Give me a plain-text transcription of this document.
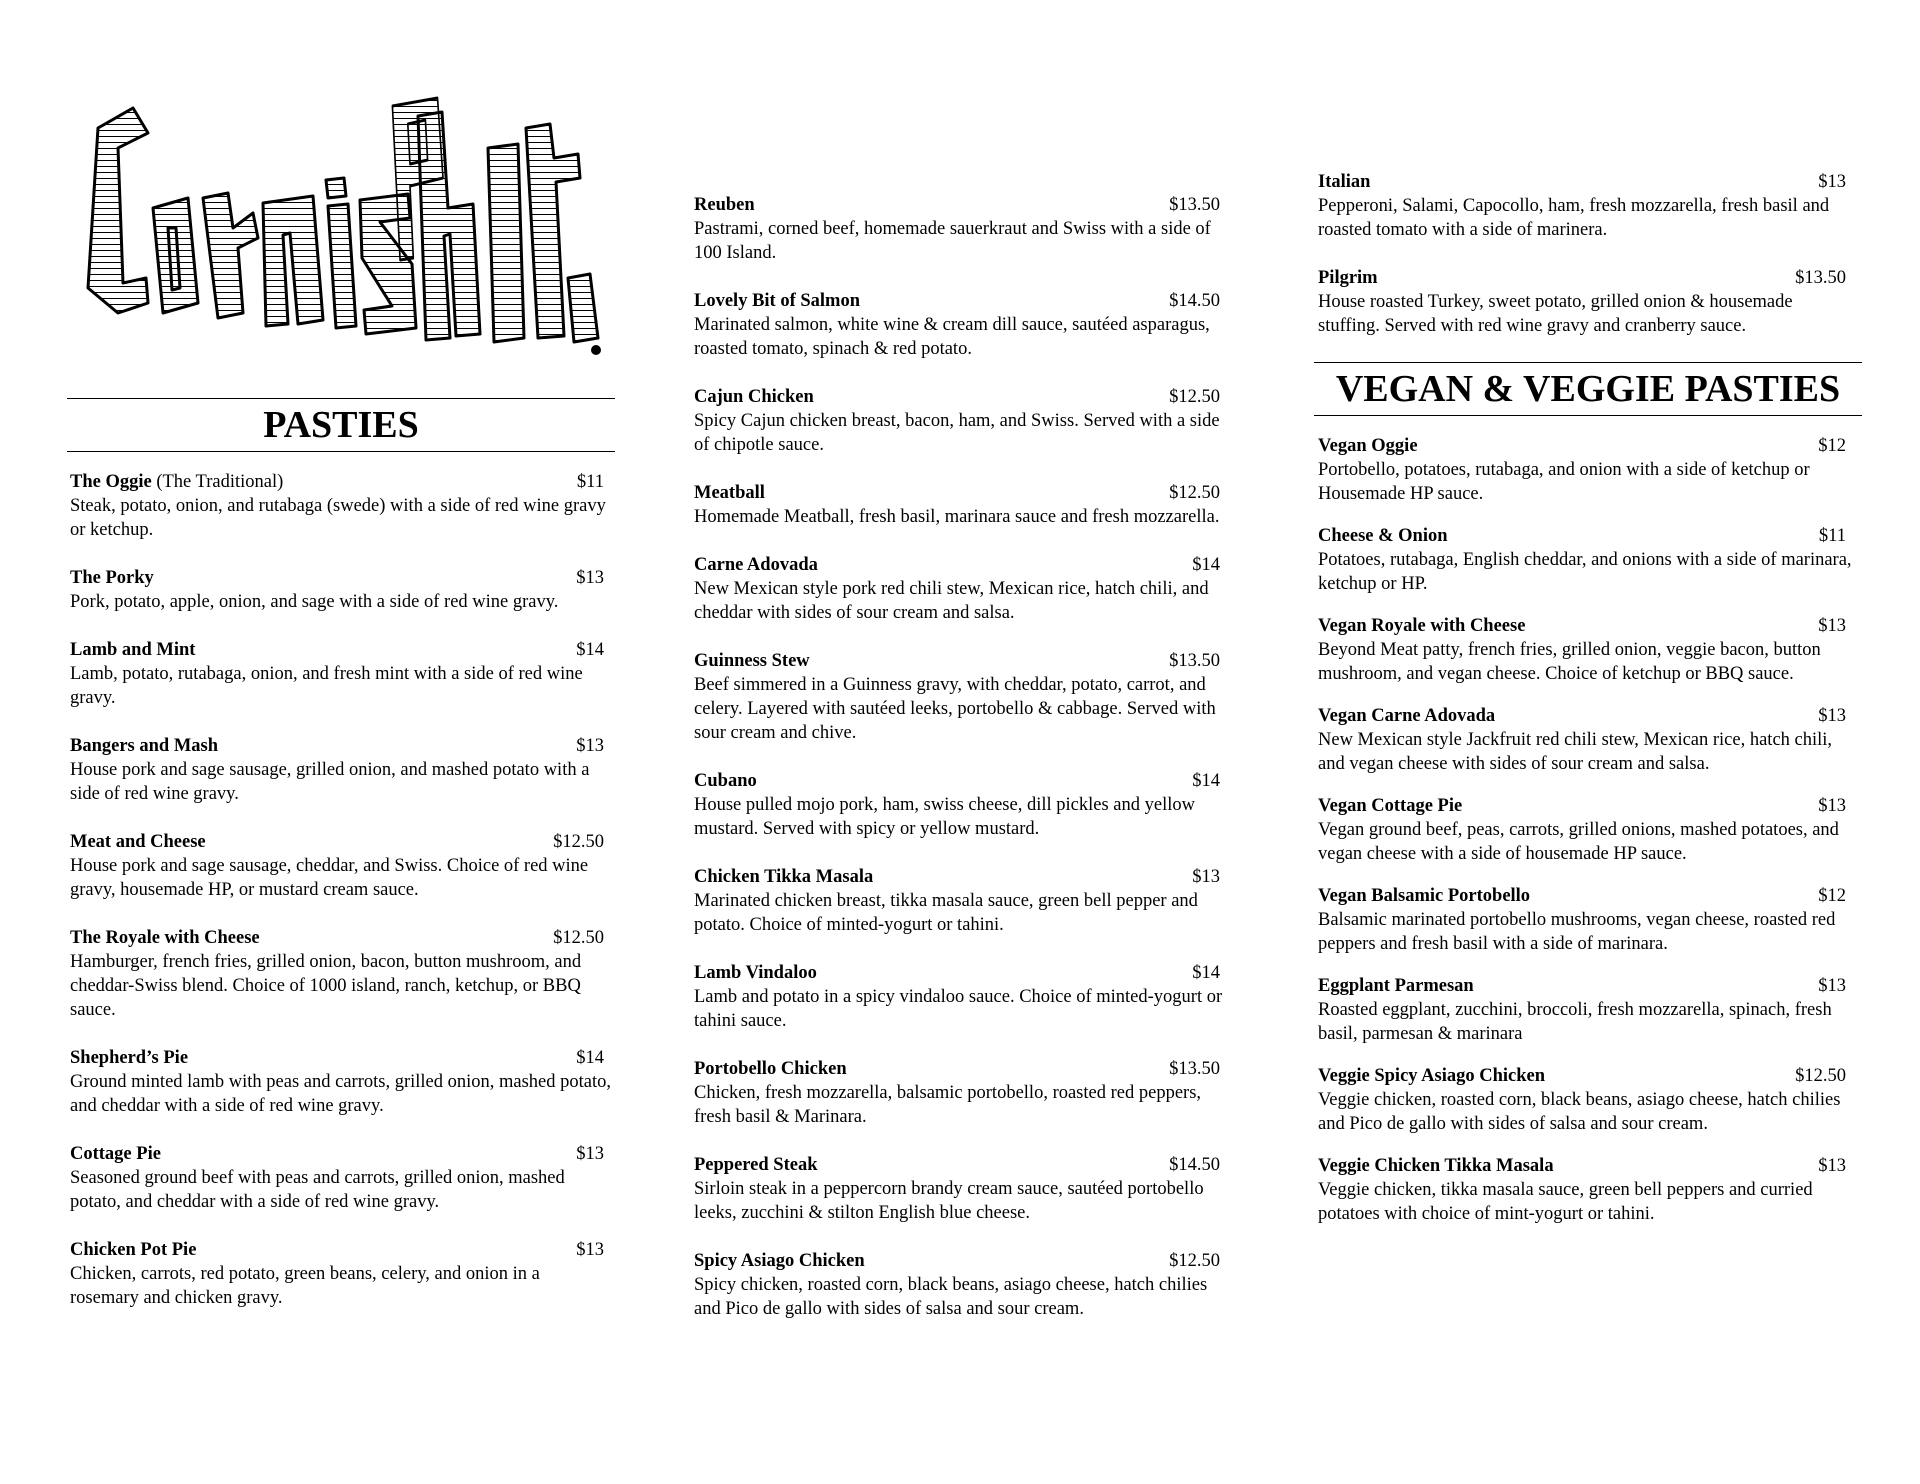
PASTIES
The Oggie (The Traditional)	$11
Steak, potato, onion, and rutabaga (swede) with a side of red wine gravy or ketchup.
The Porky	$13
Pork, potato, apple, onion, and sage with a side of red wine gravy.
Lamb and Mint	$14
Lamb, potato, rutabaga, onion, and fresh mint with a side of red wine gravy.
Bangers and Mash	$13
House pork and sage sausage, grilled onion, and mashed potato with a side of red wine gravy.
Meat and Cheese	$12.50
House pork and sage sausage, cheddar, and Swiss. Choice of red wine gravy, housemade HP, or mustard cream sauce.
The Royale with Cheese	$12.50
Hamburger, french fries, grilled onion, bacon, button mushroom, and cheddar-Swiss blend. Choice of 1000 island, ranch, ketchup, or BBQ sauce.
Shepherd’s Pie	$14
Ground minted lamb with peas and carrots, grilled onion, mashed potato, and cheddar with a side of red wine gravy.
Cottage Pie	$13
Seasoned ground beef with peas and carrots, grilled onion, mashed potato, and cheddar with a side of red wine gravy.
Chicken Pot Pie	$13
Chicken, carrots, red potato, green beans, celery, and onion in a rosemary and chicken gravy.
Reuben	$13.50
Pastrami, corned beef, homemade sauerkraut and Swiss with a side of 100 Island.
Lovely Bit of Salmon	$14.50
Marinated salmon, white wine & cream dill sauce, sautéed asparagus, roasted tomato, spinach & red potato.
Cajun Chicken	$12.50
Spicy Cajun chicken breast, bacon, ham, and Swiss. Served with a side of chipotle sauce.
Meatball	$12.50
Homemade Meatball, fresh basil, marinara sauce and fresh mozzarella.
Carne Adovada	$14
New Mexican style pork red chili stew, Mexican rice, hatch chili, and cheddar with sides of sour cream and salsa.
Guinness Stew	$13.50
Beef simmered in a Guinness gravy, with cheddar, potato, carrot, and celery. Layered with sautéed leeks, portobello & cabbage. Served with sour cream and chive.
Cubano	$14
House pulled mojo pork, ham, swiss cheese, dill pickles and yellow mustard. Served with spicy or yellow mustard.
Chicken Tikka Masala	$13
Marinated chicken breast, tikka masala sauce, green bell pepper and potato. Choice of minted-yogurt or tahini.
Lamb Vindaloo	$14
Lamb and potato in a spicy vindaloo sauce. Choice of minted-yogurt or tahini sauce.
Portobello Chicken	$13.50
Chicken, fresh mozzarella, balsamic portobello, roasted red peppers, fresh basil & Marinara.
Peppered Steak	$14.50
Sirloin steak in a peppercorn brandy cream sauce, sautéed portobello leeks, zucchini & stilton English blue cheese.
Spicy Asiago Chicken	$12.50
Spicy chicken, roasted corn, black beans, asiago cheese, hatch chilies and Pico de gallo with sides of salsa and sour cream.
Italian	$13
Pepperoni, Salami, Capocollo, ham, fresh mozzarella, fresh basil and roasted tomato with a side of marinera.
Pilgrim	$13.50
House roasted Turkey, sweet potato, grilled onion & housemade stuffing. Served with red wine gravy and cranberry sauce.
VEGAN & VEGGIE PASTIES
Vegan Oggie	$12
Portobello, potatoes, rutabaga, and onion with a side of ketchup or Housemade HP sauce.
Cheese & Onion	$11
Potatoes, rutabaga, English cheddar, and onions with a side of marinara, ketchup or HP.
Vegan Royale with Cheese	$13
Beyond Meat patty, french fries, grilled onion, veggie bacon, button mushroom, and vegan cheese. Choice of ketchup or BBQ sauce.
Vegan Carne Adovada	$13
New Mexican style Jackfruit red chili stew, Mexican rice, hatch chili, and vegan cheese with sides of sour cream and salsa.
Vegan Cottage Pie	$13
Vegan ground beef, peas, carrots, grilled onions, mashed potatoes, and vegan cheese with a side of housemade HP sauce.
Vegan Balsamic Portobello	$12
Balsamic marinated portobello mushrooms, vegan cheese, roasted red peppers and fresh basil with a side of marinara.
Eggplant Parmesan	$13
Roasted eggplant, zucchini, broccoli, fresh mozzarella, spinach, fresh basil, parmesan & marinara
Veggie Spicy Asiago Chicken	$12.50
Veggie chicken, roasted corn, black beans, asiago cheese, hatch chilies and Pico de gallo with sides of salsa and sour cream.
Veggie Chicken Tikka Masala	$13
Veggie chicken, tikka masala sauce, green bell peppers and curried potatoes with choice of mint-yogurt or tahini.
